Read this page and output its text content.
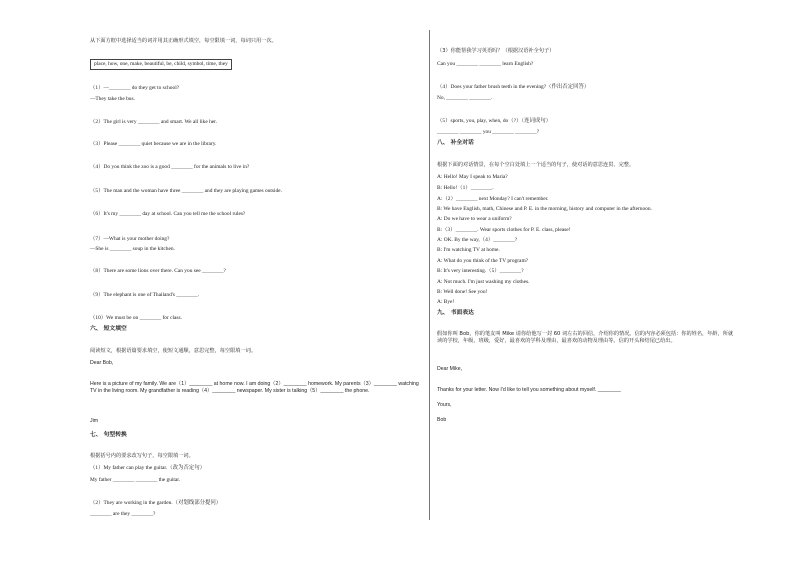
从下面方框中选择适当的词并用其正确形式填空，每空限填一词，每词只用一次。
place, how, one, make, beautiful, be, child, symbol, time, they
（1）—________ do they get to school?
—They take the bus.
（2）The girl is very ________ and smart. We all like her.
（3）Please ________ quiet because we are in the library.
（4）Do you think the zoo is a good ________ for the animals to live in?
（5）The man and the woman have three ________ and they are playing games outside.
（6）It's my ________ day at school. Can you tell me the school rules?
（7）—What is your mother doing?
—She is ________ soup in the kitchen.
（8）There are some lions over there. Can you see ________?
（9）The elephant is one of Thailand's ________.
（10）We must be on ________ for class.
六、 短文填空
阅读短文，根据语篇要求填空，使短文通顺，意思完整，每空限填一词。
Dear Bob,
Here is a picture of my family. We are（1）________ at home now. I am doing（2）________ homework. My parents（3）________ watching TV in the living room. My grandfather is reading（4）________ newspaper. My sister is talking（5）________ the phone.
Jim
七、 句型转换
根据括号内的要求改写句子，每空限填一词。
（1）My father can play the guitar.（改为否定句）
My father ________ ________ the guitar.
（2）They are working in the garden.（对划线部分提问）
________ are they ________?
（3）你能帮我学习英语吗？（根据汉语补全句子）
Can you ________ ________ learn English?
（4）Does your father brush teeth in the evening?（作出否定回答）
No, ________ ________.
（5）sports, you, play, when, do（?）（连词成句）
________ ________ you ________ ________?
八、 补全对话
根据下面的对话情景，在每个空白处填上一个适当的句子，使对话的意思连贯、完整。
A: Hello! May I speak to Maria?
B: Hello!（1）________.
A:（2）________ next Monday? I can't remember.
B: We have English, math, Chinese and P. E. in the morning, history and computer in the afternoon.
A: Do we have to wear a uniform?
B:（3）________. Wear sports clothes for P. E. class, please!
A: OK. By the way,（4）________?
B: I'm watching TV at home.
A: What do you think of the TV program?
B: It's very interesting.（5）________?
A: Not much. I'm just washing my clothes.
B: Well done! See you!
A: Bye!
九、 书面表达
假如你叫 Bob，你的笔友叫 Mike 请你给他写一封 60 词左右的回信，介绍你的情况。信的内容必须包括：你的姓名，年龄，所就读的学校，年级，班级，爱好，最喜欢的学科及理由，最喜欢的动物及理由等。信的开头和结尾已给出。
Dear Mike,
Thanks for your letter. Now I'd like to tell you something about myself. ________
Yours,
Bob
